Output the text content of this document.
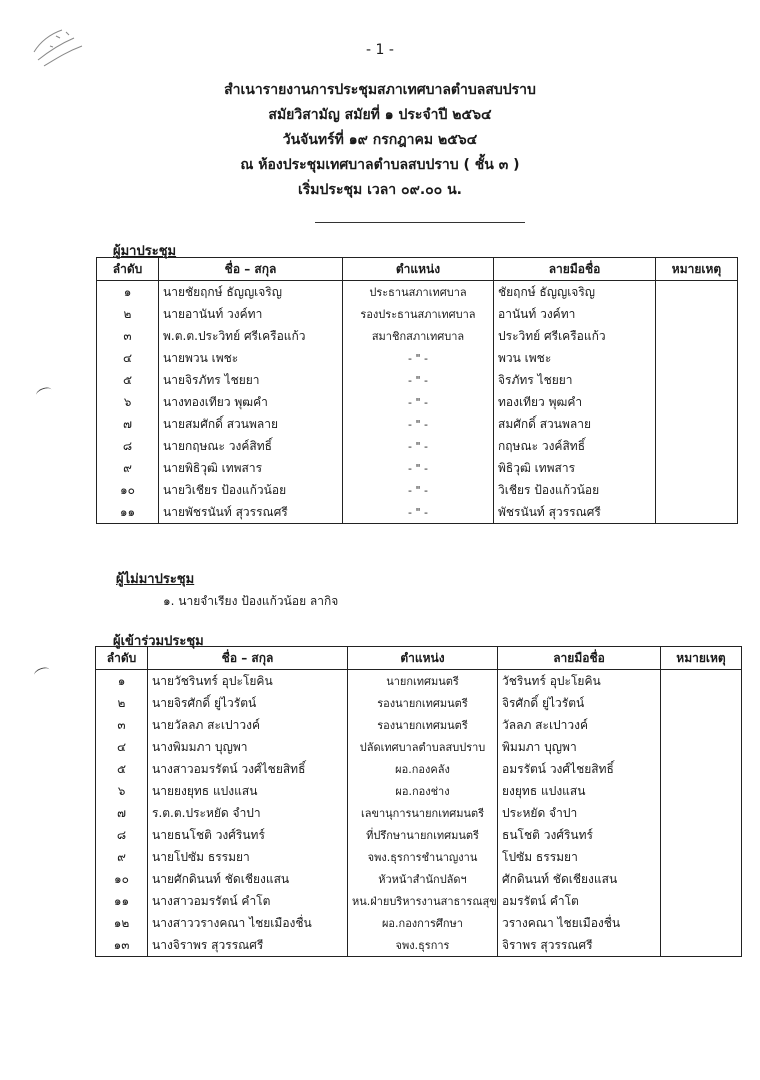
- 1 -
สำเนารายงานการประชุมสภาเทศบาลตำบลสบปราบ
สมัยวิสามัญ สมัยที่ ๑ ประจำปี ๒๕๖๔
วันจันทร์ที่ ๑๙ กรกฎาคม ๒๕๖๔
ณ ห้องประชุมเทศบาลตำบลสบปราบ ( ชั้น ๓ )
เริ่มประชุม เวลา ๐๙.๐๐ น.
ผู้มาประชุม
ลำดับ	ชื่อ – สกุล	ตำแหน่ง	ลายมือชื่อ	หมายเหตุ
๑	นายชัยฤกษ์ ธัญญเจริญ	ประธานสภาเทศบาล	ชัยฤกษ์ ธัญญเจริญ	
๒	นายอานันท์ วงค์ทา	รองประธานสภาเทศบาล	อานันท์ วงค์ทา	
๓	พ.ต.ต.ประวิทย์ ศรีเครือแก้ว	สมาชิกสภาเทศบาล	ประวิทย์ ศรีเครือแก้ว	
๔	นายพวน เพชะ	- " -	พวน เพชะ	
๕	นายจิรภัทร ไชยยา	- " -	จิรภัทร ไชยยา	
๖	นางทองเทียว พุฒคำ	- " -	ทองเทียว พุฒคำ	
๗	นายสมศักดิ์ สวนพลาย	- " -	สมศักดิ์ สวนพลาย	
๘	นายกฤษณะ วงค์สิทธิ์	- " -	กฤษณะ วงค์สิทธิ์	
๙	นายพิธิวุฒิ เทพสาร	- " -	พิธิวุฒิ เทพสาร	
๑๐	นายวิเชียร ป้องแก้วน้อย	- " -	วิเชียร ป้องแก้วน้อย	
๑๑	นายพัชรนันท์ สุวรรณศรี	- " -	พัชรนันท์ สุวรรณศรี	
ผู้ไม่มาประชุม
๑. นายจำเรียง ป้องแก้วน้อย ลากิจ
ผู้เข้าร่วมประชุม
ลำดับ	ชื่อ – สกุล	ตำแหน่ง	ลายมือชื่อ	หมายเหตุ
๑	นายวัชรินทร์ อุปะโยคิน	นายกเทศมนตรี	วัชรินทร์ อุปะโยคิน	
๒	นายจิรศักดิ์ ยู่ไวรัตน์	รองนายกเทศมนตรี	จิรศักดิ์ ยู่ไวรัตน์	
๓	นายวัลลภ สะเปาวงค์	รองนายกเทศมนตรี	วัลลภ สะเปาวงค์	
๔	นางพิมมภา บุญพา	ปลัดเทศบาลตำบลสบปราบ	พิมมภา บุญพา	
๕	นางสาวอมรรัตน์ วงศ์ไชยสิทธิ์	ผอ.กองคลัง	อมรรัตน์ วงศ์ไชยสิทธิ์	
๖	นายยงยุทธ แปงแสน	ผอ.กองช่าง	ยงยุทธ แปงแสน	
๗	ร.ต.ต.ประหยัด จำปา	เลขานุการนายกเทศมนตรี	ประหยัด จำปา	
๘	นายธนโชติ วงศ์รินทร์	ที่ปรึกษานายกเทศมนตรี	ธนโชติ วงศ์รินทร์	
๙	นายโปซัม ธรรมยา	จพง.ธุรการชำนาญงาน	โปซัม ธรรมยา	
๑๐	นายศักดินนท์ ชัดเชียงแสน	หัวหน้าสำนักปลัดฯ	ศักดินนท์ ชัดเชียงแสน	
๑๑	นางสาวอมรรัตน์ คำโต	หน.ฝ่ายบริหารงานสาธารณสุข	อมรรัตน์ คำโต	
๑๒	นางสาววรางคณา ไชยเมืองชื่น	ผอ.กองการศึกษา	วรางคณา ไชยเมืองชื่น	
๑๓	นางจิราพร สุวรรณศรี	จพง.ธุรการ	จิราพร สุวรรณศรี	
